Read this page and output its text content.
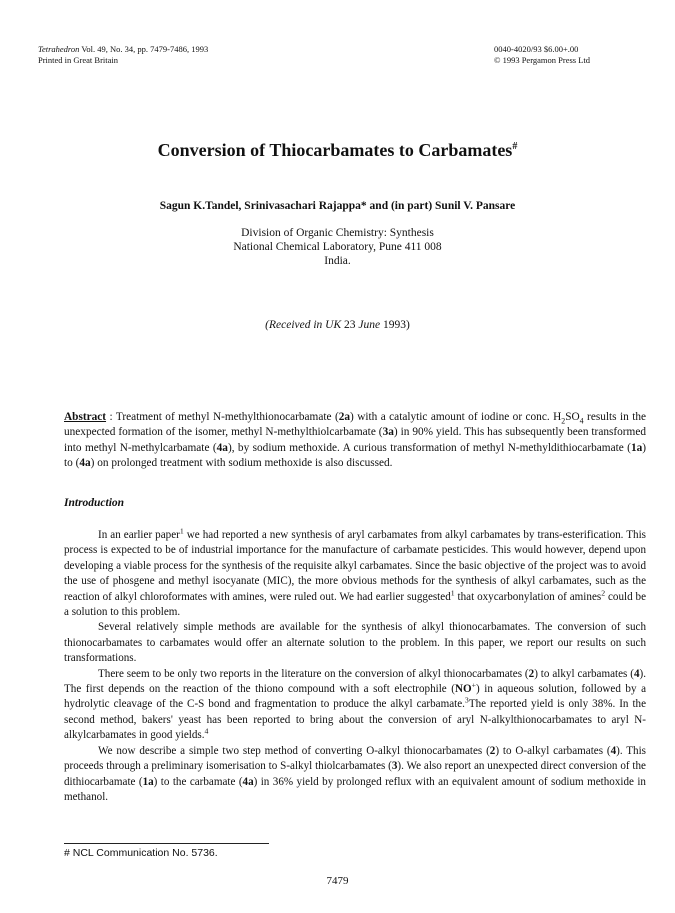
Tetrahedron Vol. 49, No. 34, pp. 7479-7486, 1993
Printed in Great Britain
0040-4020/93 $6.00+.00
© 1993 Pergamon Press Ltd
Conversion of Thiocarbamates to Carbamates#
Sagun K.Tandel, Srinivasachari Rajappa* and (in part) Sunil V. Pansare
Division of Organic Chemistry: Synthesis
National Chemical Laboratory, Pune 411 008
India.
(Received in UK 23 June 1993)
Abstract : Treatment of methyl N-methylthionocarbamate (2a) with a catalytic amount of iodine or conc. $H_2SO_4$ results in the unexpected formation of the isomer, methyl N-methylthiolcarbamate (3a) in 90% yield. This has subsequently been transformed into methyl N-methylcarbamate (4a), by sodium methoxide. A curious transformation of methyl N-methyldithiocarbamate (1a) to (4a) on prolonged treatment with sodium methoxide is also discussed.
Introduction

In an earlier paper$^1$ we had reported a new synthesis of aryl carbamates from alkyl carbamates by trans-esterification. This process is expected to be of industrial importance for the manufacture of carbamate pesticides. This would however, depend upon developing a viable process for the synthesis of the requisite alkyl carbamates. Since the basic objective of the project was to avoid the use of phosgene and methyl isocyanate (MIC), the more obvious methods for the synthesis of alkyl carbamates, such as the reaction of alkyl chloroformates with amines, were ruled out. We had earlier suggested$^1$ that oxycarbonylation of amines$^2$ could be a solution to this problem.

Several relatively simple methods are available for the synthesis of alkyl thionocarbamates. The conversion of such thionocarbamates to carbamates would offer an alternate solution to the problem. In this paper, we report our results on such transformations.

There seem to be only two reports in the literature on the conversion of alkyl thionocarbamates (2) to alkyl carbamates (4). The first depends on the reaction of the thiono compound with a soft electrophile (NO+) in aqueous solution, followed by a hydrolytic cleavage of the C-S bond and fragmentation to produce the alkyl carbamate.$^3$The reported yield is only 38%. In the second method, bakers' yeast has been reported to bring about the conversion of aryl N-alkylthionocarbamates to aryl N-alkylcarbamates in good yields.$^4$

We now describe a simple two step method of converting O-alkyl thionocarbamates (2) to O-alkyl carbamates (4). This proceeds through a preliminary isomerisation to S-alkyl thiolcarbamates (3). We also report an unexpected direct conversion of the dithiocarbamate (1a) to the carbamate (4a) in 36% yield by prolonged reflux with an equivalent amount of sodium methoxide in methanol.

# NCL Communication No. 5736.
7479
